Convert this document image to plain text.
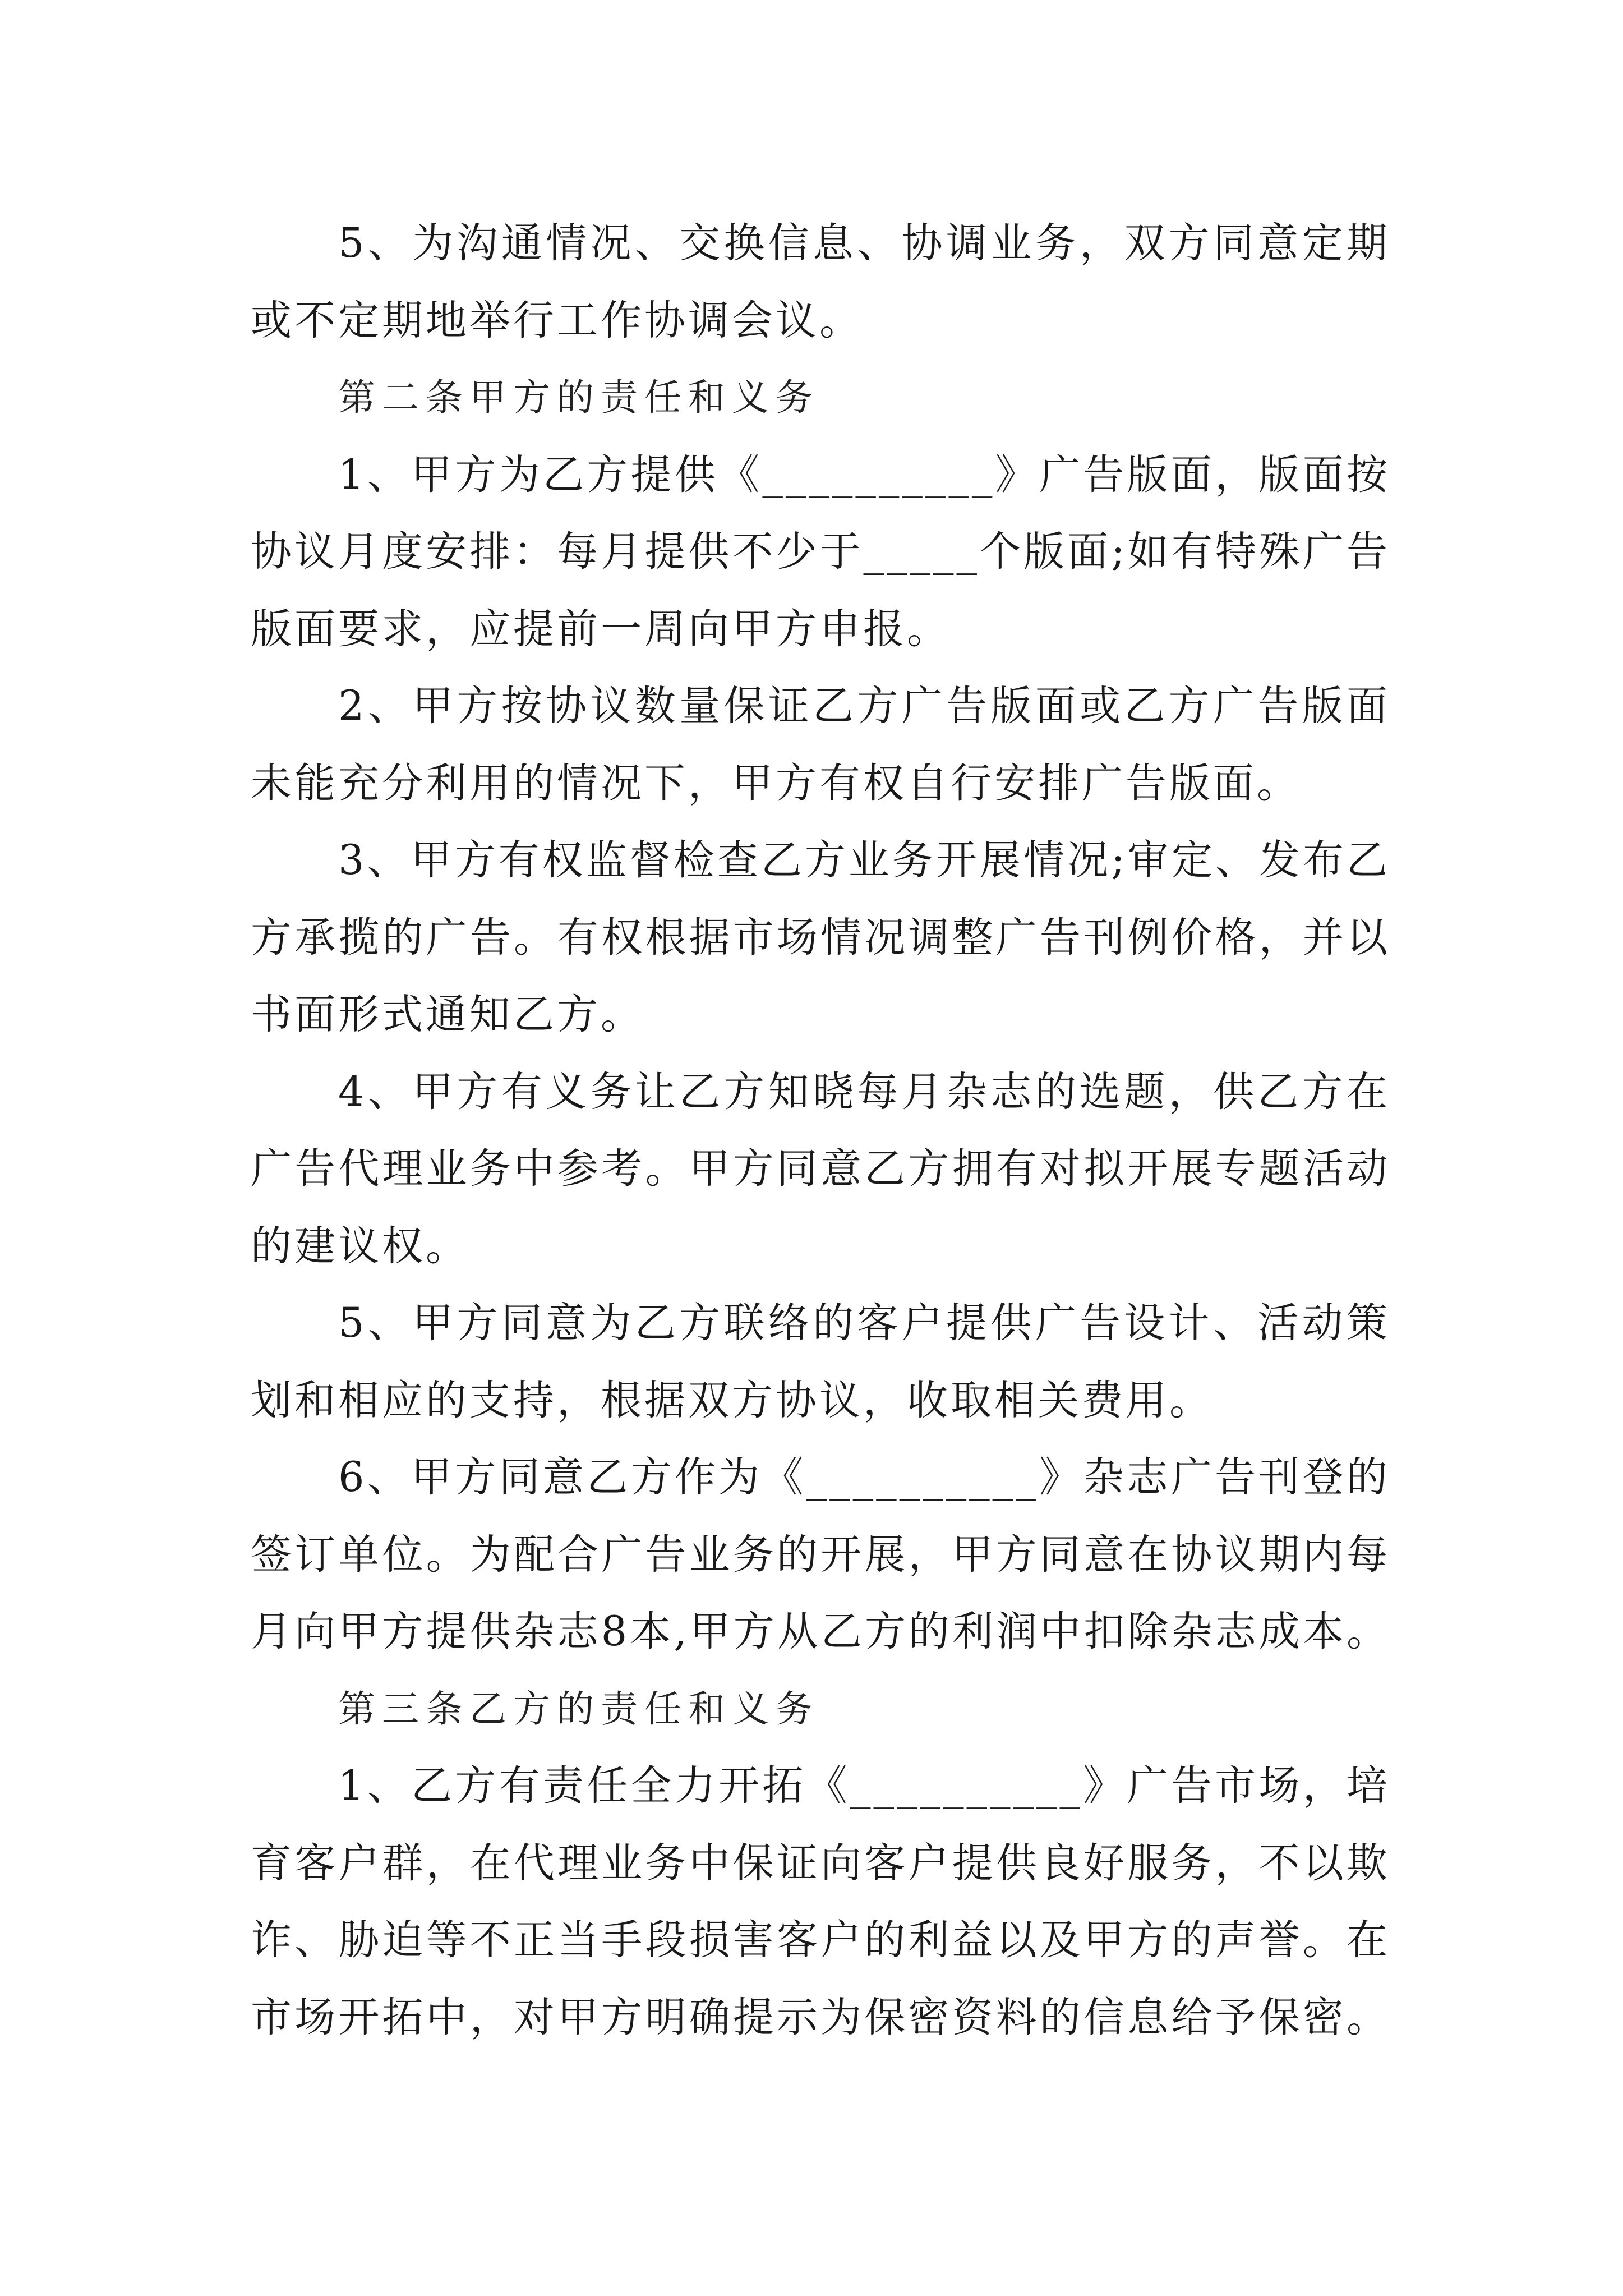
5、为沟通情况、交换信息、协调业务，双方同意定期
或不定期地举行工作协调会议。
第二条甲方的责任和义务
1、甲方为乙方提供《__________》广告版面，版面按
协议月度安排：每月提供不少于_____个版面;如有特殊广告
版面要求，应提前一周向甲方申报。
2、甲方按协议数量保证乙方广告版面或乙方广告版面
未能充分利用的情况下，甲方有权自行安排广告版面。
3、甲方有权监督检查乙方业务开展情况;审定、发布乙
方承揽的广告。有权根据市场情况调整广告刊例价格，并以
书面形式通知乙方。
4、甲方有义务让乙方知晓每月杂志的选题，供乙方在
广告代理业务中参考。甲方同意乙方拥有对拟开展专题活动
的建议权。
5、甲方同意为乙方联络的客户提供广告设计、活动策
划和相应的支持，根据双方协议，收取相关费用。
6、甲方同意乙方作为《__________》杂志广告刊登的
签订单位。为配合广告业务的开展，甲方同意在协议期内每
月向甲方提供杂志8本,甲方从乙方的利润中扣除杂志成本。
第三条乙方的责任和义务
1、乙方有责任全力开拓《__________》广告市场，培
育客户群，在代理业务中保证向客户提供良好服务，不以欺
诈、胁迫等不正当手段损害客户的利益以及甲方的声誉。在
市场开拓中，对甲方明确提示为保密资料的信息给予保密。
